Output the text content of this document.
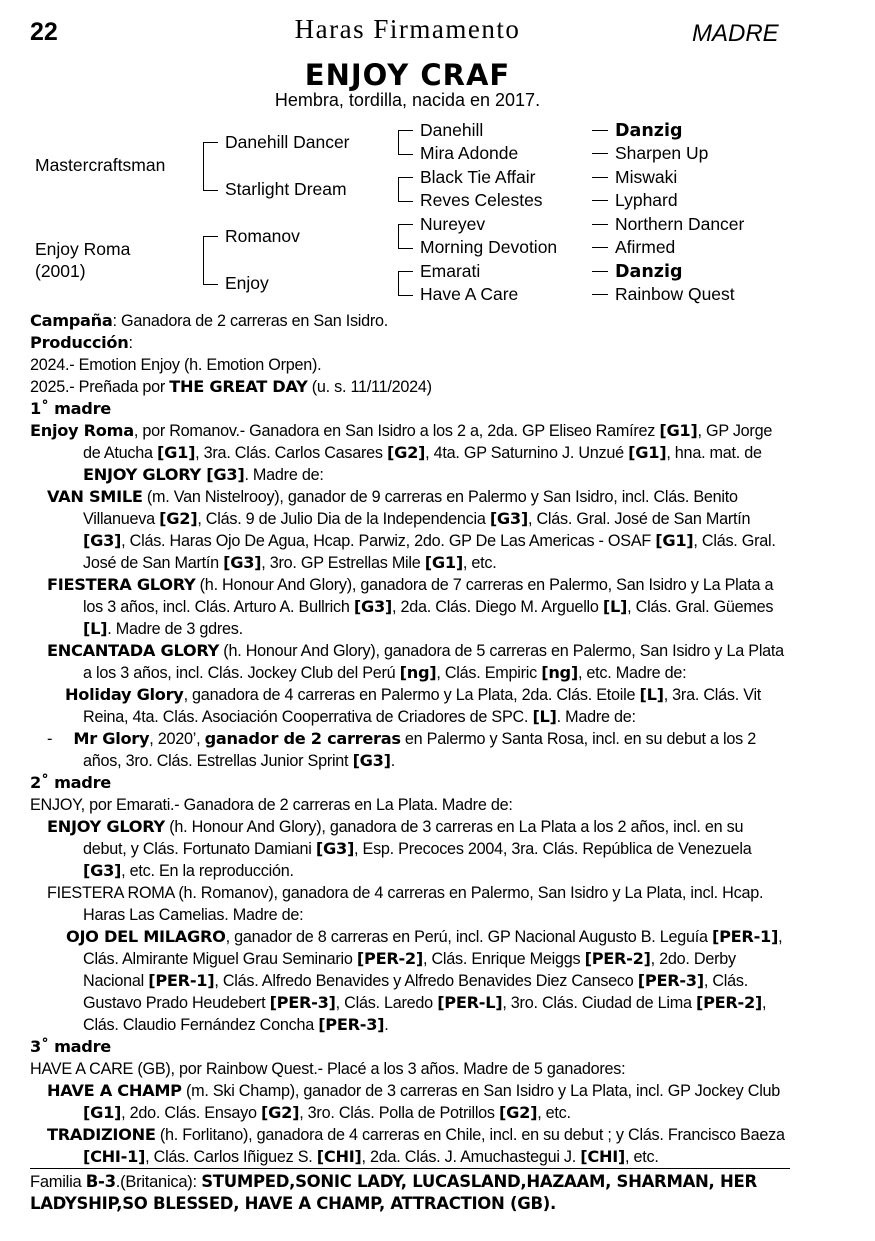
22	Haras Firmamento	MADRE
ENJOY CRAF
Hembra, tordilla, nacida en 2017.
Mastercraftsman
Enjoy Roma
(2001)
Danehill Dancer
Starlight Dream
Romanov
Enjoy
Danehill
Mira Adonde
Black Tie Affair
Reves Celestes
Nureyev
Morning Devotion
Emarati
Have A Care
Danzig
Sharpen Up
Miswaki
Lyphard
Northern Dancer
Afirmed
Danzig
Rainbow Quest

Campaña: Ganadora de 2 carreras en San Isidro.

Producción:

2024.- Emotion Enjoy (h. Emotion Orpen).

2025.- Preñada por THE GREAT DAY (u. s. 11/11/2024)

1˚ madre

Enjoy Roma, por Romanov.- Ganadora en San Isidro a los 2 a, 2da. GP Eliseo Ramírez [G1], GP Jorge de Atucha [G1], 3ra. Clás. Carlos Casares [G2], 4ta. GP Saturnino J. Unzué [G1], hna. mat. de ENJOY GLORY [G3]. Madre de:

VAN SMILE (m. Van Nistelrooy), ganador de 9 carreras en Palermo y San Isidro, incl. Clás. Benito Villanueva [G2], Clás. 9 de Julio Dia de la Independencia [G3], Clás. Gral. José de San Martín [G3], Clás. Haras Ojo De Agua, Hcap. Parwiz, 2do. GP De Las Americas - OSAF [G1], Clás. Gral. José de San Martín [G3], 3ro. GP Estrellas Mile [G1], etc.

FIESTERA GLORY (h. Honour And Glory), ganadora de 7 carreras en Palermo, San Isidro y La Plata a los 3 años, incl. Clás. Arturo A. Bullrich [G3], 2da. Clás. Diego M. Arguello [L], Clás. Gral. Güemes [L]. Madre de 3 gdres.

ENCANTADA GLORY (h. Honour And Glory), ganadora de 5 carreras en Palermo, San Isidro y La Plata a los 3 años, incl. Clás. Jockey Club del Perú [ng], Clás. Empiric [ng], etc. Madre de:

Holiday Glory, ganadora de 4 carreras en Palermo y La Plata, 2da. Clás. Etoile [L], 3ra. Clás. Vit Reina, 4ta. Clás. Asociación Cooperrativa de Criadores de SPC. [L]. Madre de:

- Mr Glory, 2020’, ganador de 2 carreras en Palermo y Santa Rosa, incl. en su debut a los 2 años, 3ro. Clás. Estrellas Junior Sprint [G3].

2˚ madre

ENJOY, por Emarati.- Ganadora de 2 carreras en La Plata. Madre de:

ENJOY GLORY (h. Honour And Glory), ganadora de 3 carreras en La Plata a los 2 años, incl. en su debut, y Clás. Fortunato Damiani [G3], Esp. Precoces 2004, 3ra. Clás. República de Venezuela [G3], etc. En la reproducción.

FIESTERA ROMA (h. Romanov), ganadora de 4 carreras en Palermo, San Isidro y La Plata, incl. Hcap. Haras Las Camelias. Madre de:

OJO DEL MILAGRO, ganador de 8 carreras en Perú, incl. GP Nacional Augusto B. Leguía [PER-1], Clás. Almirante Miguel Grau Seminario [PER-2], Clás. Enrique Meiggs [PER-2], 2do. Derby Nacional [PER-1], Clás. Alfredo Benavides y Alfredo Benavides Diez Canseco [PER-3], Clás. Gustavo Prado Heudebert [PER-3], Clás. Laredo [PER-L], 3ro. Clás. Ciudad de Lima [PER-2], Clás. Claudio Fernández Concha [PER-3].

3˚ madre

HAVE A CARE (GB), por Rainbow Quest.- Placé a los 3 años. Madre de 5 ganadores:

HAVE A CHAMP (m. Ski Champ), ganador de 3 carreras en San Isidro y La Plata, incl. GP Jockey Club [G1], 2do. Clás. Ensayo [G2], 3ro. Clás. Polla de Potrillos [G2], etc.

TRADIZIONE (h. Forlitano), ganadora de 4 carreras en Chile, incl. en su debut ; y Clás. Francisco Baeza [CHI-1], Clás. Carlos Iñiguez S. [CHI], 2da. Clás. J. Amuchastegui J. [CHI], etc.

Familia B-3.(Britanica): STUMPED,SONIC LADY, LUCASLAND,HAZAAM, SHARMAN, HER LADYSHIP,SO BLESSED, HAVE A CHAMP, ATTRACTION (GB).
